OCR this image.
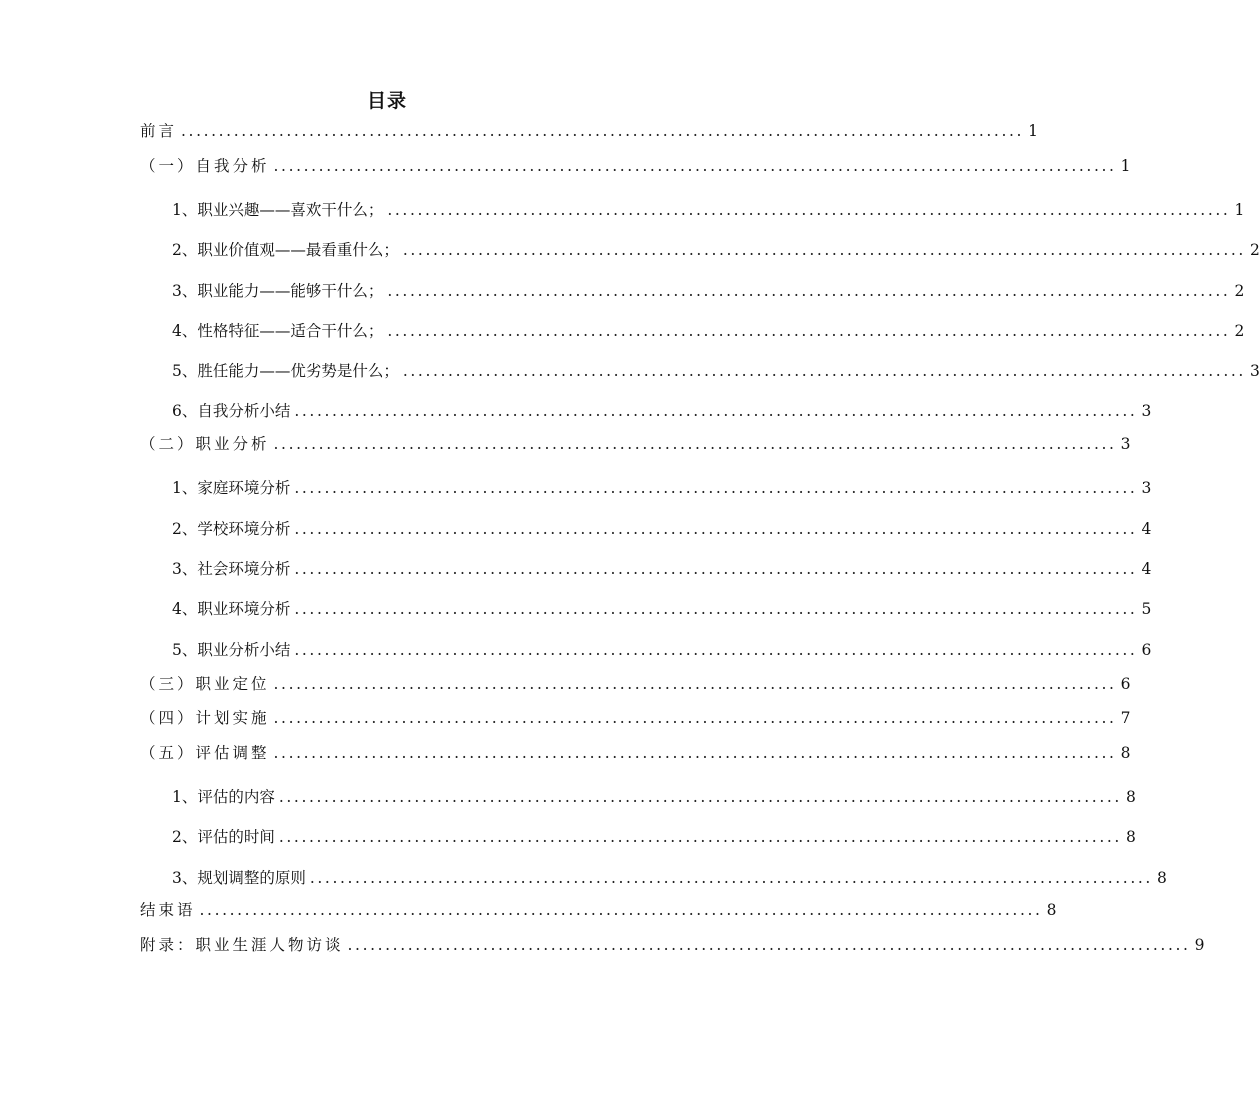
目录
前言 ................................................................................................................ 1
（一）自我分析 ................................................................................................................ 1
1、职业兴趣——喜欢干什么； ................................................................................................................ 1
2、职业价值观——最看重什么； ................................................................................................................ 2
3、职业能力——能够干什么； ................................................................................................................ 2
4、性格特征——适合干什么； ................................................................................................................ 2
5、胜任能力——优劣势是什么； ................................................................................................................ 3
6、自我分析小结 ................................................................................................................ 3
（二）职业分析 ................................................................................................................ 3
1、家庭环境分析 ................................................................................................................ 3
2、学校环境分析 ................................................................................................................ 4
3、社会环境分析 ................................................................................................................ 4
4、职业环境分析 ................................................................................................................ 5
5、职业分析小结 ................................................................................................................ 6
（三）职业定位 ................................................................................................................ 6
（四）计划实施 ................................................................................................................ 7
（五）评估调整 ................................................................................................................ 8
1、评估的内容 ................................................................................................................ 8
2、评估的时间 ................................................................................................................ 8
3、规划调整的原则 ................................................................................................................ 8
结束语 ................................................................................................................ 8
附录：职业生涯人物访谈 ................................................................................................................ 9
